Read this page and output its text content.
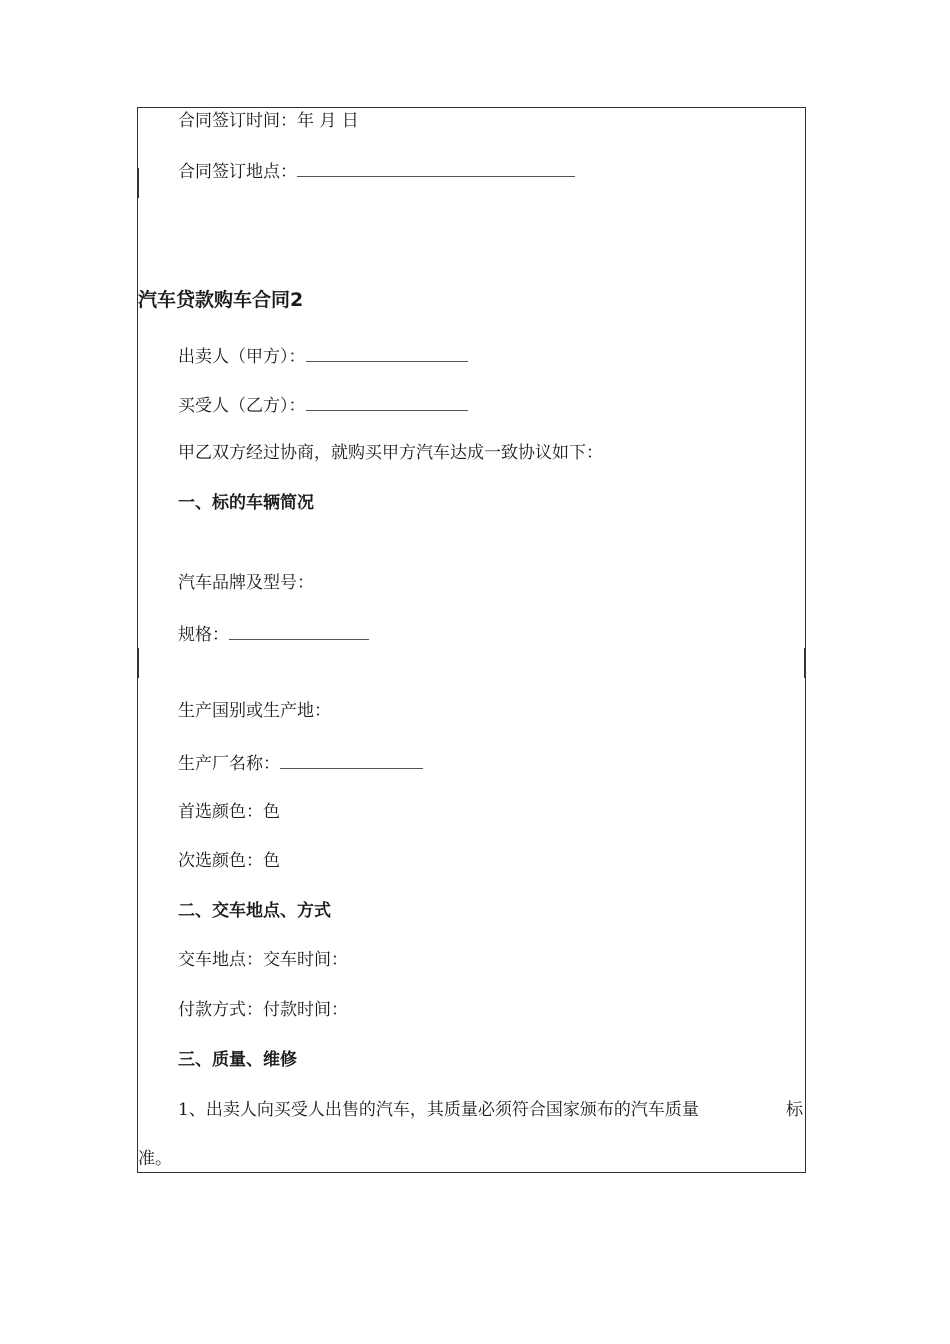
合同签订时间：年 月 日
合同签订地点：
汽车贷款购车合同2
出卖人（甲方）：
买受人（乙方）：
甲乙双方经过协商，就购买甲方汽车达成一致协议如下：
一、标的车辆简况
汽车品牌及型号：
规格：
生产国别或生产地：
生产厂名称：
首选颜色：色
次选颜色：色
二、交车地点、方式
交车地点：交车时间：
付款方式：付款时间：
三、质量、维修
1、出卖人向买受人出售的汽车，其质量必须符合国家颁布的汽车质量	标
准。
